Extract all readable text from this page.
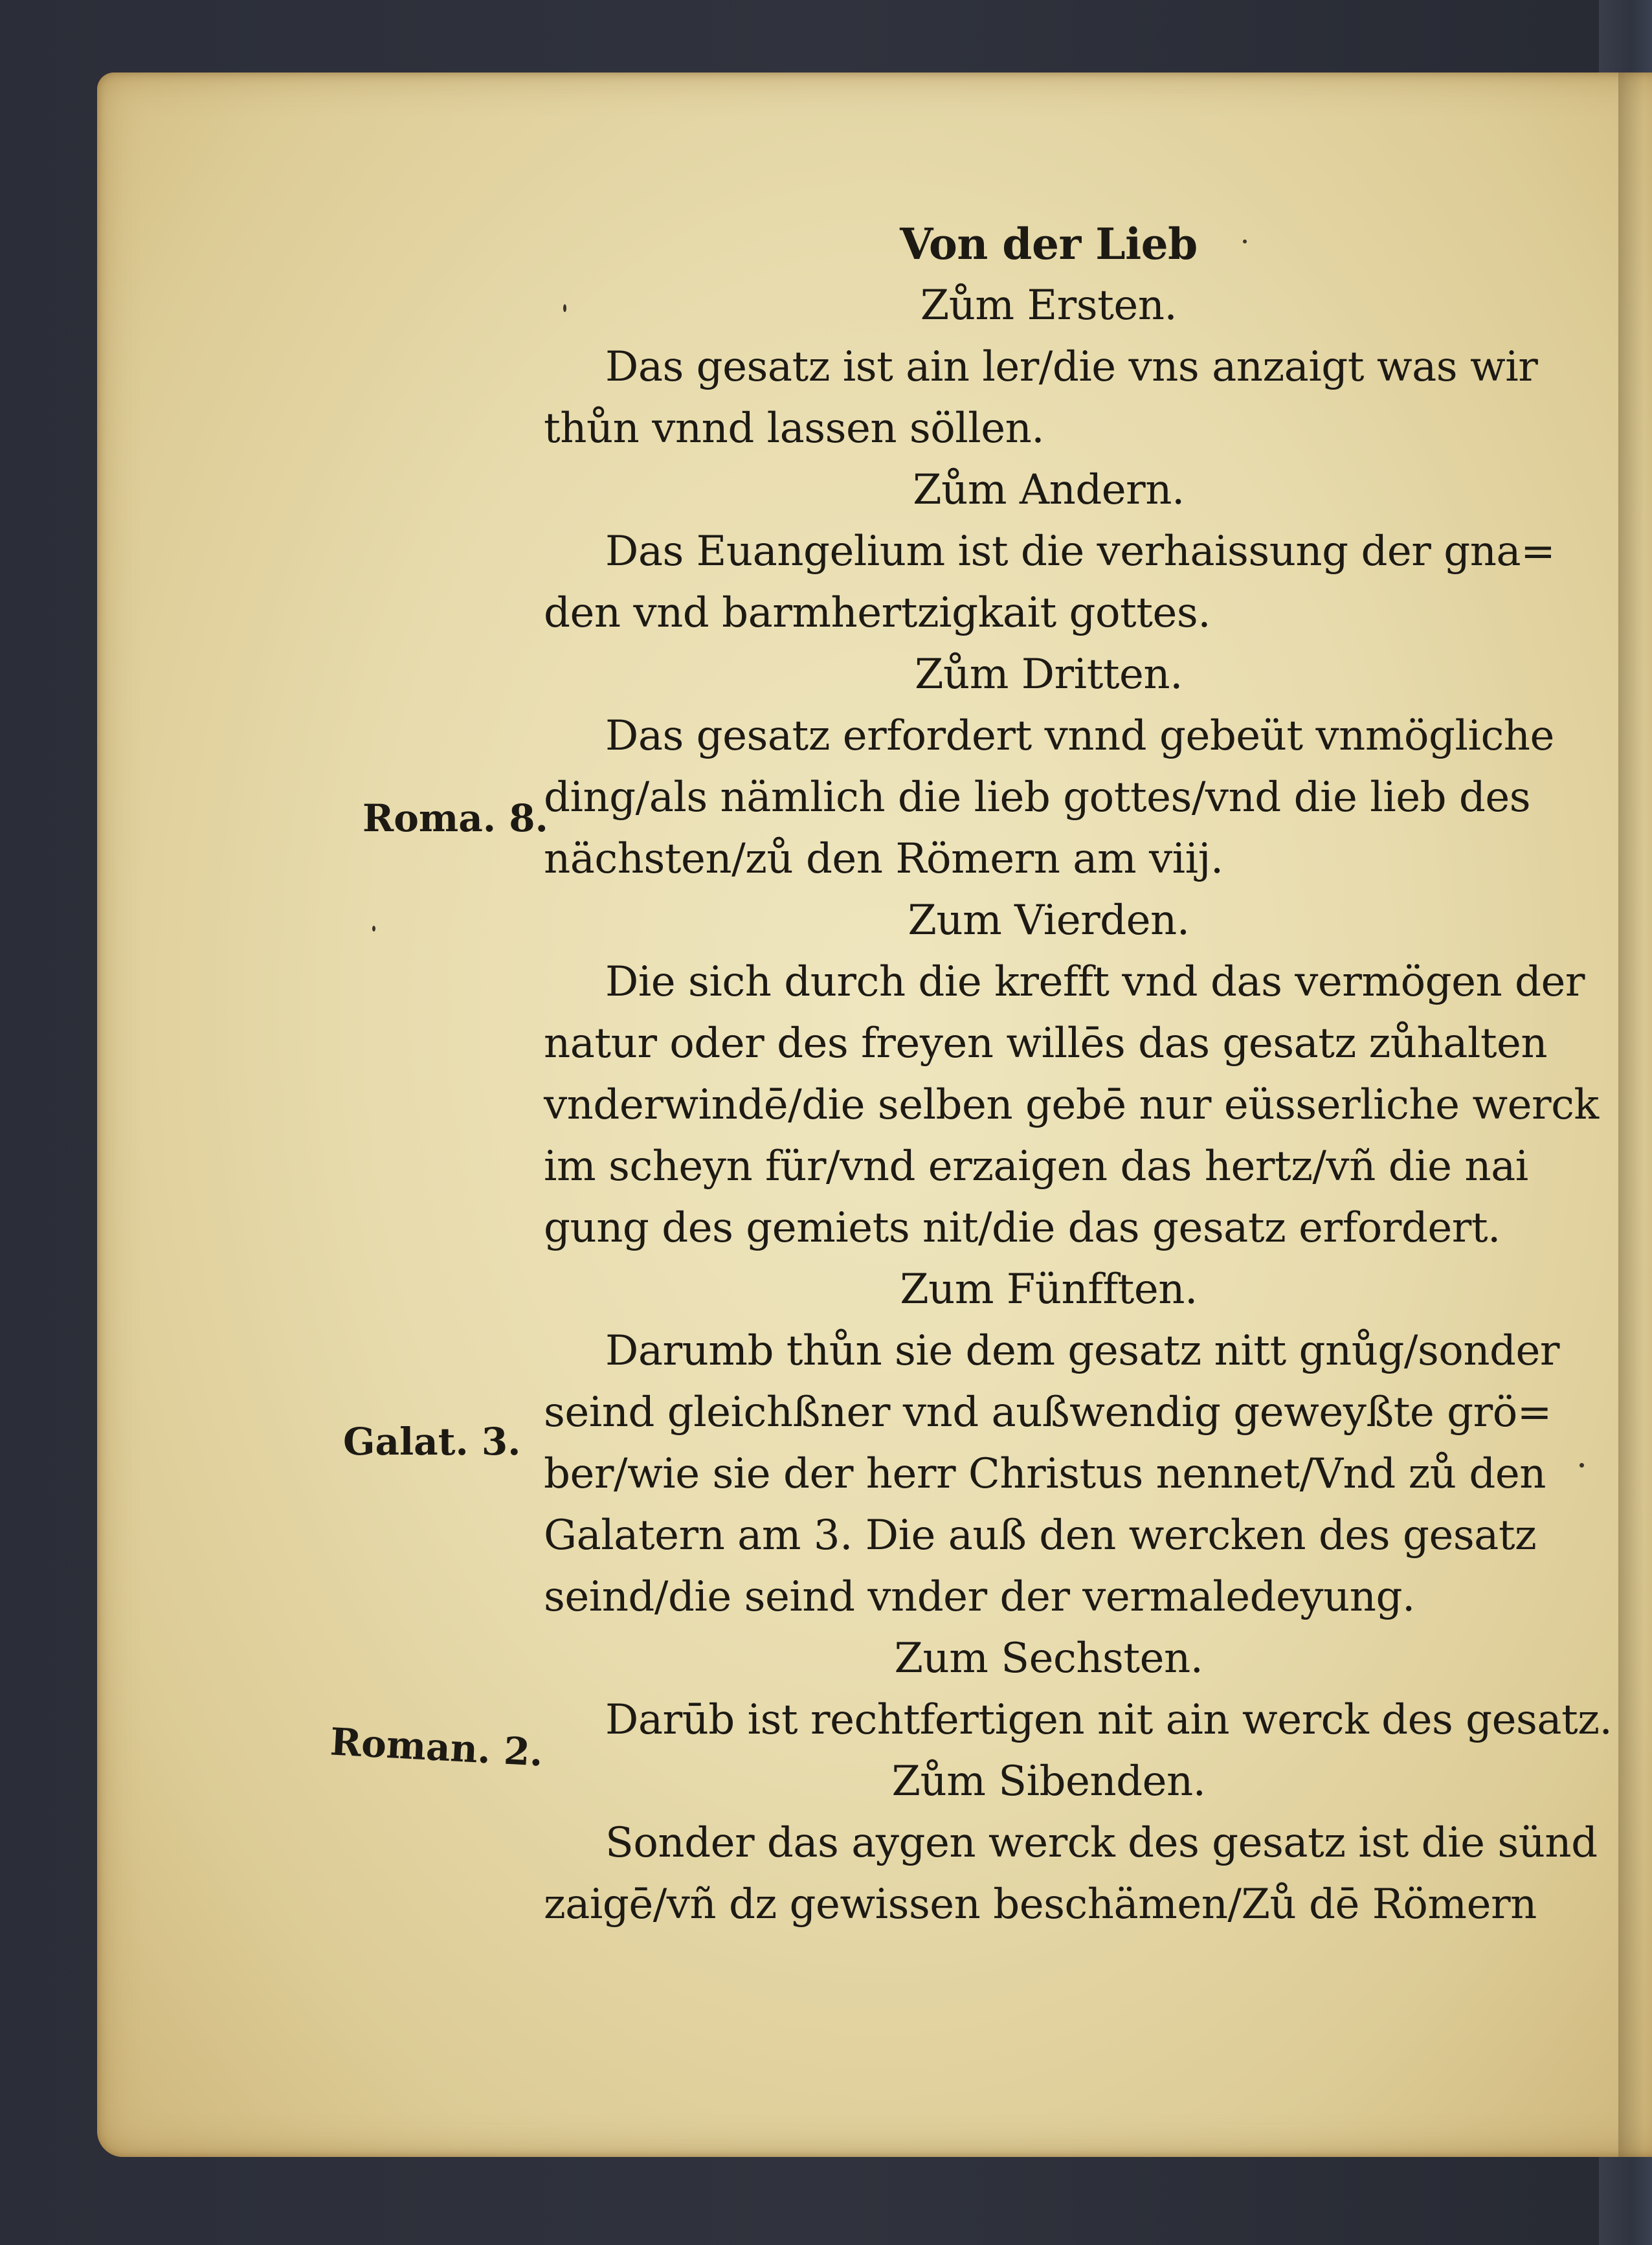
Von der Lieb
Zům Ersten.
Das gesatz ist ain ler/die vns anzaigt was wir
thůn vnnd lassen söllen.
Zům Andern.
Das Euangelium ist die verhaissung der gna=
den vnd barmhertzigkait gottes.
Zům Dritten.
Das gesatz erfordert vnnd gebeüt vnmögliche
ding/als nämlich die lieb gottes/vnd die lieb des
nächsten/zů den Römern am viij.
Zum Vierden.
Die sich durch die krefft vnd das vermögen der
natur oder des freyen willēs das gesatz zůhalten
vnderwindē/die selben gebē nur eüsserliche werck
im scheyn für/vnd erzaigen das hertz/vñ die nai
gung des gemiets nit/die das gesatz erfordert.
Zum Fünfften.
Darumb thůn sie dem gesatz nitt gnůg/sonder
seind gleichßner vnd außwendig geweyßte grö=
ber/wie sie der herr Christus nennet/Vnd zů den
Galatern am 3. Die auß den wercken des gesatz
seind/die seind vnder der vermaledeyung.
Zum Sechsten.
Darūb ist rechtfertigen nit ain werck des gesatz.
Zům Sibenden.
Sonder das aygen werck des gesatz ist die sünd
zaigē/vñ dz gewissen beschämen/Zů dē Römern
Roma. 8.
Galat. 3.
Roman. 2.
